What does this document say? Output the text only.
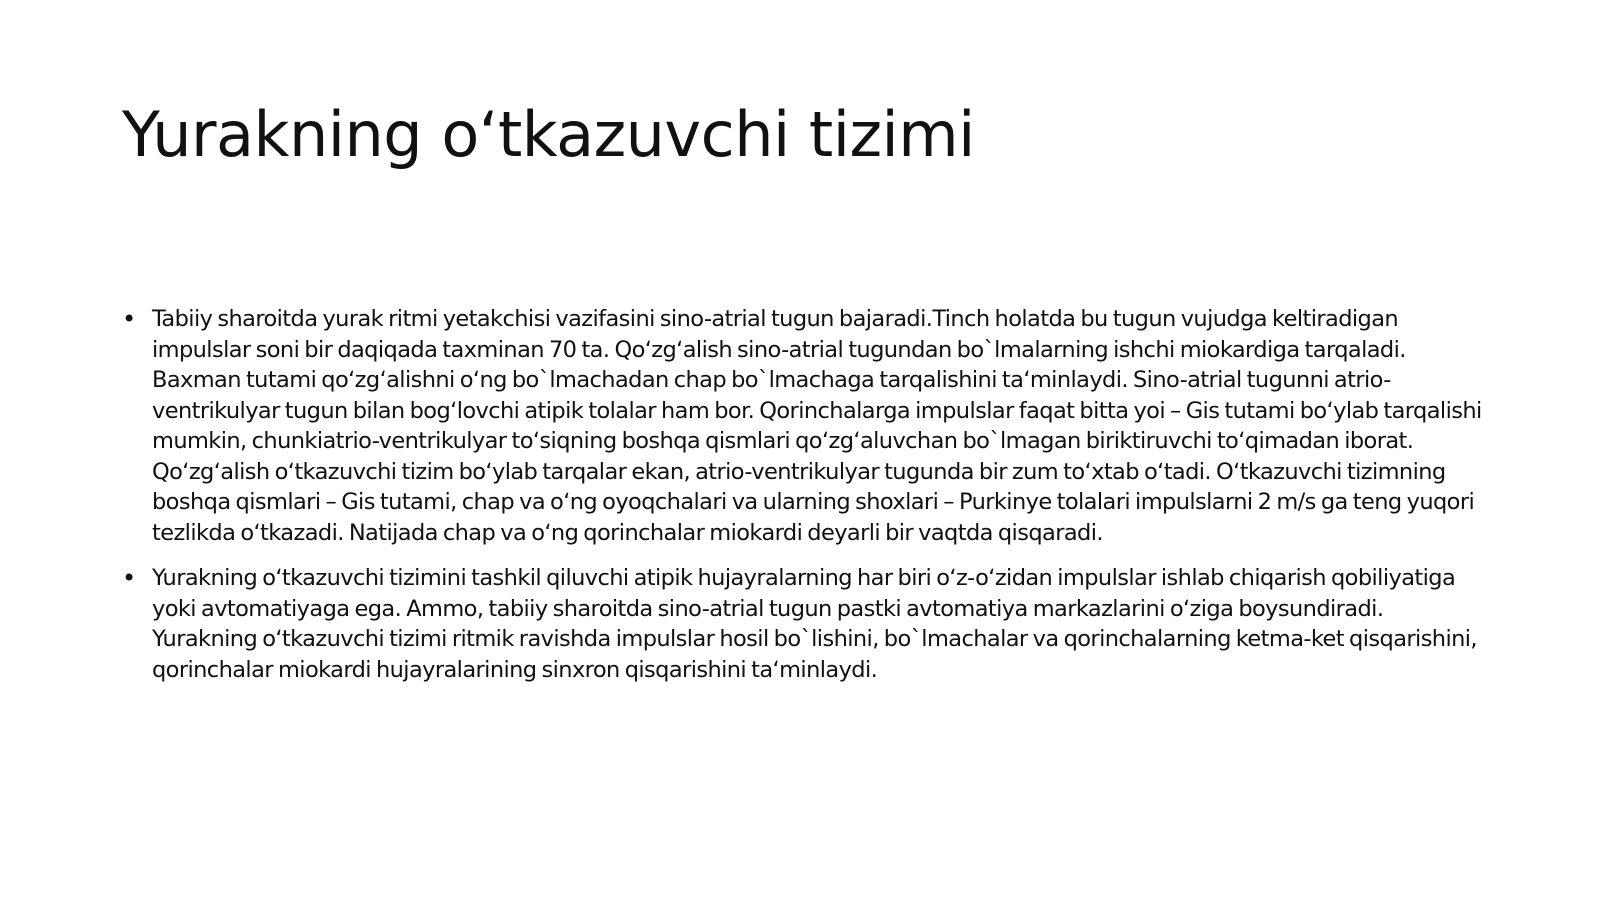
Yurakning oʻtkazuvchi tizimi
• Tabiiy sharoitda yurak ritmi yetakchisi vazifasini sino-atrial tugun bajaradi.Tinch holatda bu tugun vujudga keltiradigan impulslar soni bir daqiqada taxminan 70 ta. Qoʻzgʻalish sino-atrial tugundan bo`lmalarning ishchi miokardiga tarqaladi. Baxman tutami qoʻzgʻalishni oʻng bo`lmachadan chap bo`lmachaga tarqalishini taʻminlaydi. Sino-atrial tugunni atrio-ventrikulyar tugun bilan bogʻlovchi atipik tolalar ham bor. Qorinchalarga impulslar faqat bitta yoi – Gis tutami boʻylab tarqalishi mumkin, chunkiatrio-ventrikulyar toʻsiqning boshqa qismlari qoʻzgʻaluvchan bo`lmagan biriktiruvchi toʻqimadan iborat. Qoʻzgʻalish oʻtkazuvchi tizim boʻylab tarqalar ekan, atrio-ventrikulyar tugunda bir zum toʻxtab oʻtadi. Oʻtkazuvchi tizimning boshqa qismlari – Gis tutami, chap va oʻng oyoqchalari va ularning shoxlari – Purkinye tolalari impulslarni 2 m/s ga teng yuqori tezlikda oʻtkazadi. Natijada chap va oʻng qorinchalar miokardi deyarli bir vaqtda qisqaradi.
• Yurakning oʻtkazuvchi tizimini tashkil qiluvchi atipik hujayralarning har biri oʻz-oʻzidan impulslar ishlab chiqarish qobiliyatiga yoki avtomatiyaga ega. Ammo, tabiiy sharoitda sino-atrial tugun pastki avtomatiya markazlarini oʻziga boysundiradi. Yurakning oʻtkazuvchi tizimi ritmik ravishda impulslar hosil bo`lishini, bo`lmachalar va qorinchalarning ketma-ket qisqarishini, qorinchalar miokardi hujayralarining sinxron qisqarishini taʻminlaydi.
